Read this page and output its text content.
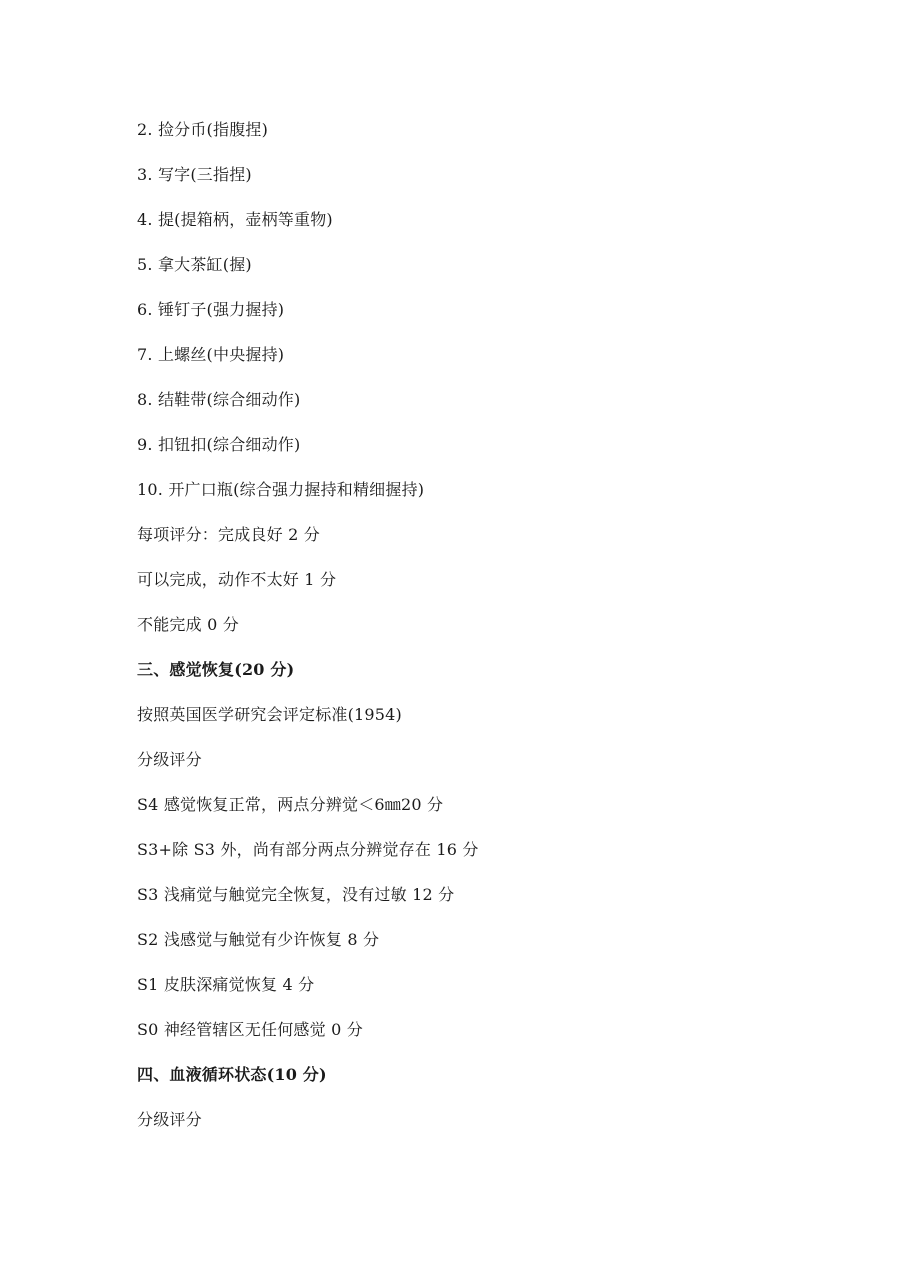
2. 捡分币(指腹捏)
3. 写字(三指捏)
4. 提(提箱柄，壶柄等重物)
5. 拿大茶缸(握)
6. 锤钉子(强力握持)
7. 上螺丝(中央握持)
8. 结鞋带(综合细动作)
9. 扣钮扣(综合细动作)
10. 开广口瓶(综合强力握持和精细握持)
每项评分：完成良好 2 分
可以完成，动作不太好 1 分
不能完成 0 分
三、感觉恢复(20 分)
按照英国医学研究会评定标准(1954)
分级评分
S4 感觉恢复正常，两点分辨觉＜6㎜20 分
S3+除 S3 外，尚有部分两点分辨觉存在 16 分
S3 浅痛觉与触觉完全恢复，没有过敏 12 分
S2 浅感觉与触觉有少许恢复 8 分
S1 皮肤深痛觉恢复 4 分
S0 神经管辖区无任何感觉 0 分
四、血液循环状态(10 分)
分级评分
